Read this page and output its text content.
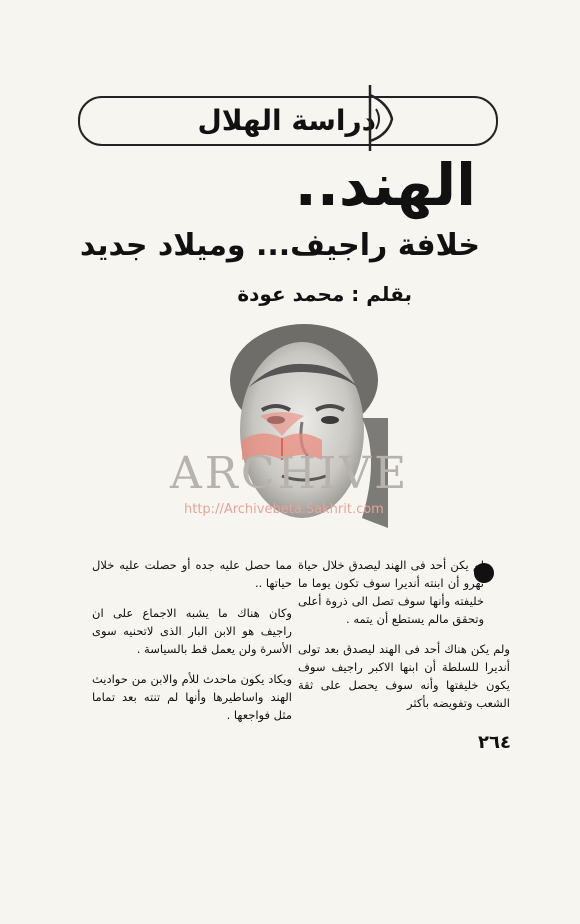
دراسة الهلال
الهند..
خلافة راجيف... وميلاد جديد
بقلم : محمد عودة
ARCHIVE
http://Archivebeta.Sakhrit.com

لم يكن أحد فى الهند ليصدق خلال حياة نهرو أن ابنته أنديرا سوف تكون يوما ما خليفته وأنها سوف تصل الى ذروة أعلى وتحقق مالم يستطع أن يتمه .

ولم يكن هناك أحد فى الهند ليصدق بعد تولى أنديرا للسلطة أن ابنها الاكبر راجيف سوف يكون خليفتها وأنه سوف يحصل على ثقة الشعب وتفويضه بأكثر

مما حصل عليه جده أو حصلت عليه خلال حياتها ..

وكان هناك ما يشبه الاجماع على ان راجيف هو الابن البار الذى لاتحنيه سوى الأسرة ولن يعمل قط بالسياسة .

ويكاد يكون ماحدث للأم والابن من حواديث الهند واساطيرها وأنها لم تنته بعد تماما مثل فواجعها .

٢٦٤
